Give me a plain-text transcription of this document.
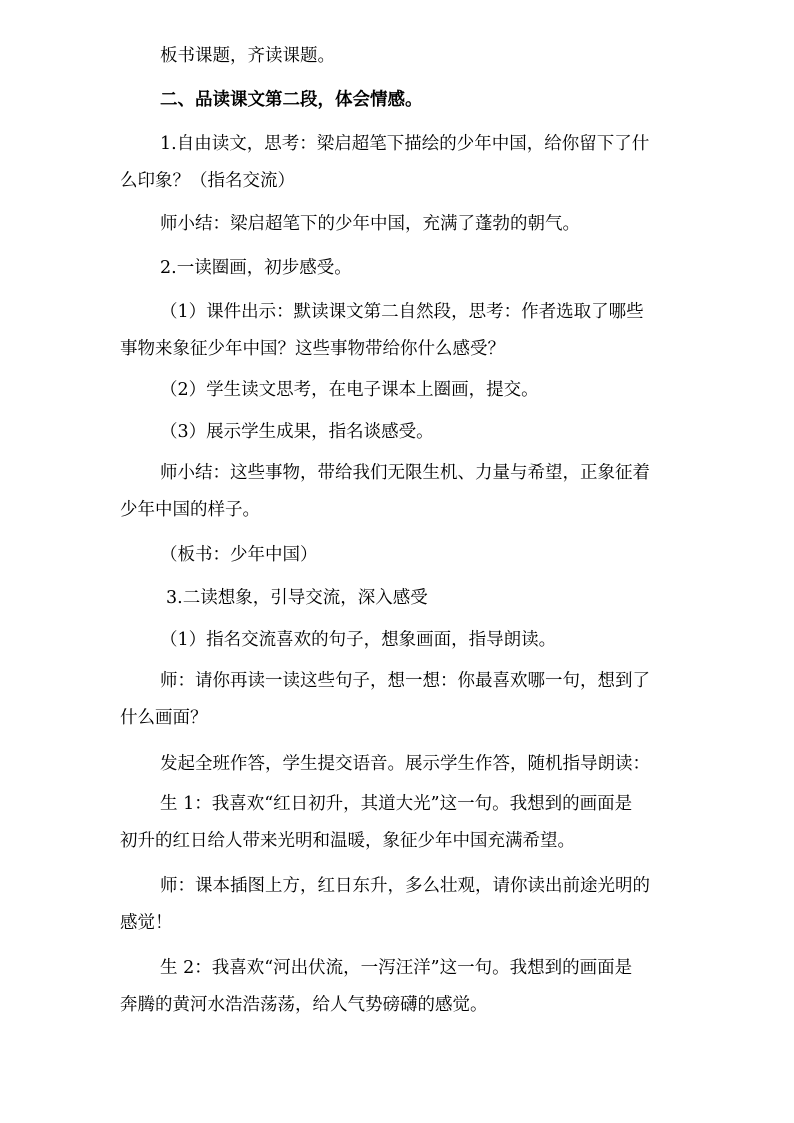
板书课题，齐读课题。

二、品读课文第二段，体会情感。

1.自由读文，思考：梁启超笔下描绘的少年中国，给你留下了什
么印象？（指名交流）

师小结：梁启超笔下的少年中国，充满了蓬勃的朝气。

2.一读圈画，初步感受。

（1）课件出示：默读课文第二自然段，思考：作者选取了哪些
事物来象征少年中国？这些事物带给你什么感受？

（2）学生读文思考，在电子课本上圈画，提交。

（3）展示学生成果，指名谈感受。

师小结：这些事物，带给我们无限生机、力量与希望，正象征着
少年中国的样子。

（板书：少年中国）

3.二读想象，引导交流，深入感受

（1）指名交流喜欢的句子，想象画面，指导朗读。

师：请你再读一读这些句子，想一想：你最喜欢哪一句，想到了
什么画面？

发起全班作答，学生提交语音。展示学生作答，随机指导朗读：

生 1：我喜欢“红日初升，其道大光”这一句。我想到的画面是
初升的红日给人带来光明和温暖，象征少年中国充满希望。

师：课本插图上方，红日东升，多么壮观，请你读出前途光明的
感觉！

生 2：我喜欢“河出伏流，一泻汪洋”这一句。我想到的画面是
奔腾的黄河水浩浩荡荡，给人气势磅礴的感觉。
